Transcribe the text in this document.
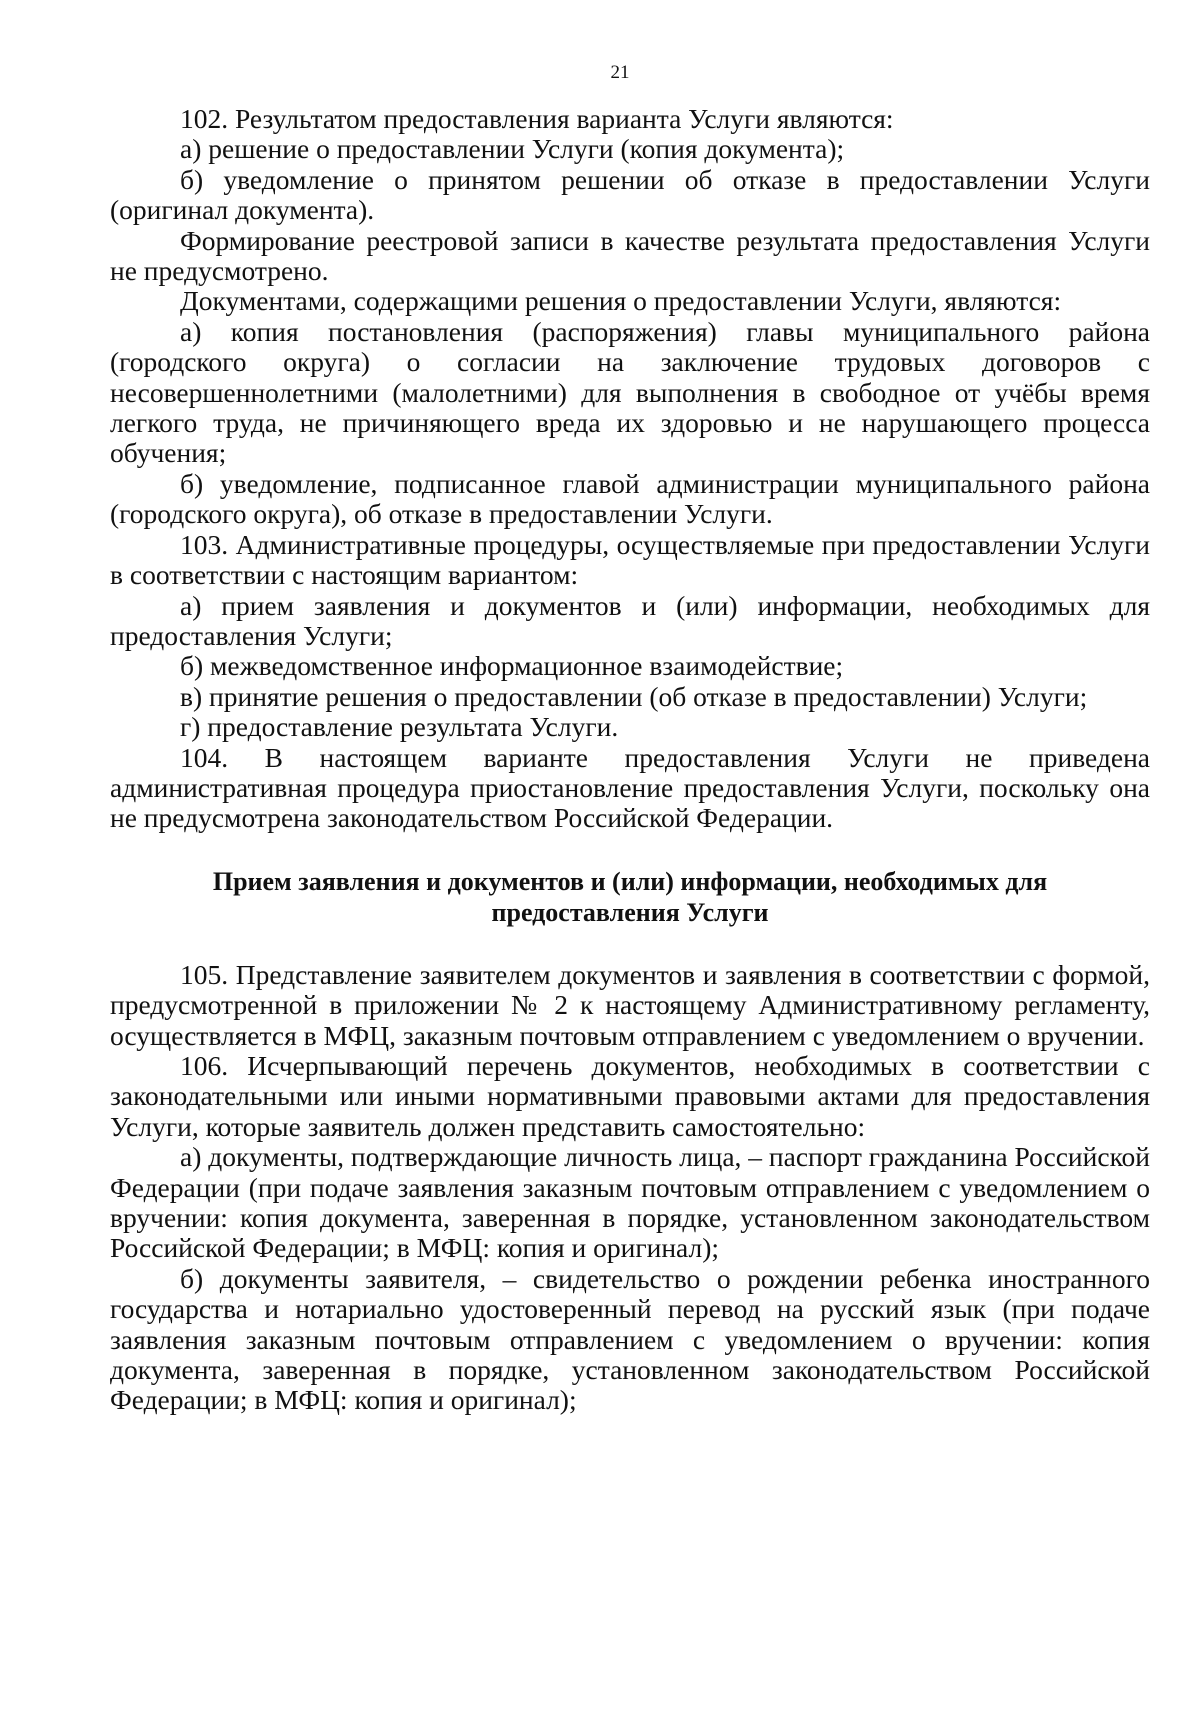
21

102. Результатом предоставления варианта Услуги являются:

а) решение о предоставлении Услуги (копия документа);

б) уведомление о принятом решении об отказе в предоставлении Услуги (оригинал документа).

Формирование реестровой записи в качестве результата предоставления Услуги не предусмотрено.

Документами, содержащими решения о предоставлении Услуги, являются:

а) копия постановления (распоряжения) главы муниципального района (городского округа) о согласии на заключение трудовых договоров с несовершеннолетними (малолетними) для выполнения в свободное от учёбы время легкого труда, не причиняющего вреда их здоровью и не нарушающего процесса обучения;

б) уведомление, подписанное главой администрации муниципального района (городского округа), об отказе в предоставлении Услуги.

103. Административные процедуры, осуществляемые при предоставлении Услуги в соответствии с настоящим вариантом:

а) прием заявления и документов и (или) информации, необходимых для предоставления Услуги;

б) межведомственное информационное взаимодействие;

в) принятие решения о предоставлении (об отказе в предоставлении) Услуги;

г) предоставление результата Услуги.

104. В настоящем варианте предоставления Услуги не приведена административная процедура приостановление предоставления Услуги, поскольку она не предусмотрена законодательством Российской Федерации.

Прием заявления и документов и (или) информации, необходимых для предоставления Услуги

105. Представление заявителем документов и заявления в соответствии с формой, предусмотренной в приложении № 2 к настоящему Административному регламенту, осуществляется в МФЦ, заказным почтовым отправлением с уведомлением о вручении.

106. Исчерпывающий перечень документов, необходимых в соответствии с законодательными или иными нормативными правовыми актами для предоставления Услуги, которые заявитель должен представить самостоятельно:

а) документы, подтверждающие личность лица, – паспорт гражданина Российской Федерации (при подаче заявления заказным почтовым отправлением с уведомлением о вручении: копия документа, заверенная в порядке, установленном законодательством Российской Федерации; в МФЦ: копия и оригинал);

б) документы заявителя, – свидетельство о рождении ребенка иностранного государства и нотариально удостоверенный перевод на русский язык (при подаче заявления заказным почтовым отправлением с уведомлением о вручении: копия документа, заверенная в порядке, установленном законодательством Российской Федерации; в МФЦ: копия и оригинал);
